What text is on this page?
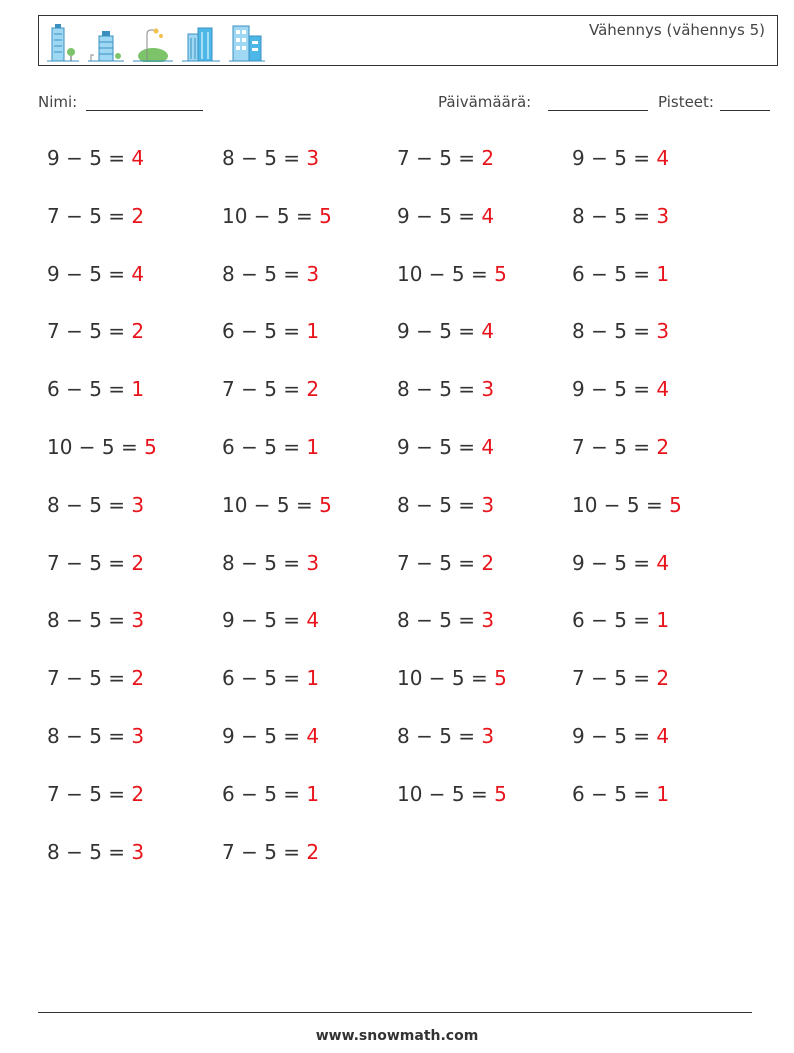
Vähennys (vähennys 5)
Nimi:	Päivämäärä:	Pisteet:
9 − 5 = 4	8 − 5 = 3	7 − 5 = 2	9 − 5 = 4
7 − 5 = 2	10 − 5 = 5	9 − 5 = 4	8 − 5 = 3
9 − 5 = 4	8 − 5 = 3	10 − 5 = 5	6 − 5 = 1
7 − 5 = 2	6 − 5 = 1	9 − 5 = 4	8 − 5 = 3
6 − 5 = 1	7 − 5 = 2	8 − 5 = 3	9 − 5 = 4
10 − 5 = 5	6 − 5 = 1	9 − 5 = 4	7 − 5 = 2
8 − 5 = 3	10 − 5 = 5	8 − 5 = 3	10 − 5 = 5
7 − 5 = 2	8 − 5 = 3	7 − 5 = 2	9 − 5 = 4
8 − 5 = 3	9 − 5 = 4	8 − 5 = 3	6 − 5 = 1
7 − 5 = 2	6 − 5 = 1	10 − 5 = 5	7 − 5 = 2
8 − 5 = 3	9 − 5 = 4	8 − 5 = 3	9 − 5 = 4
7 − 5 = 2	6 − 5 = 1	10 − 5 = 5	6 − 5 = 1
8 − 5 = 3	7 − 5 = 2
www.snowmath.com
